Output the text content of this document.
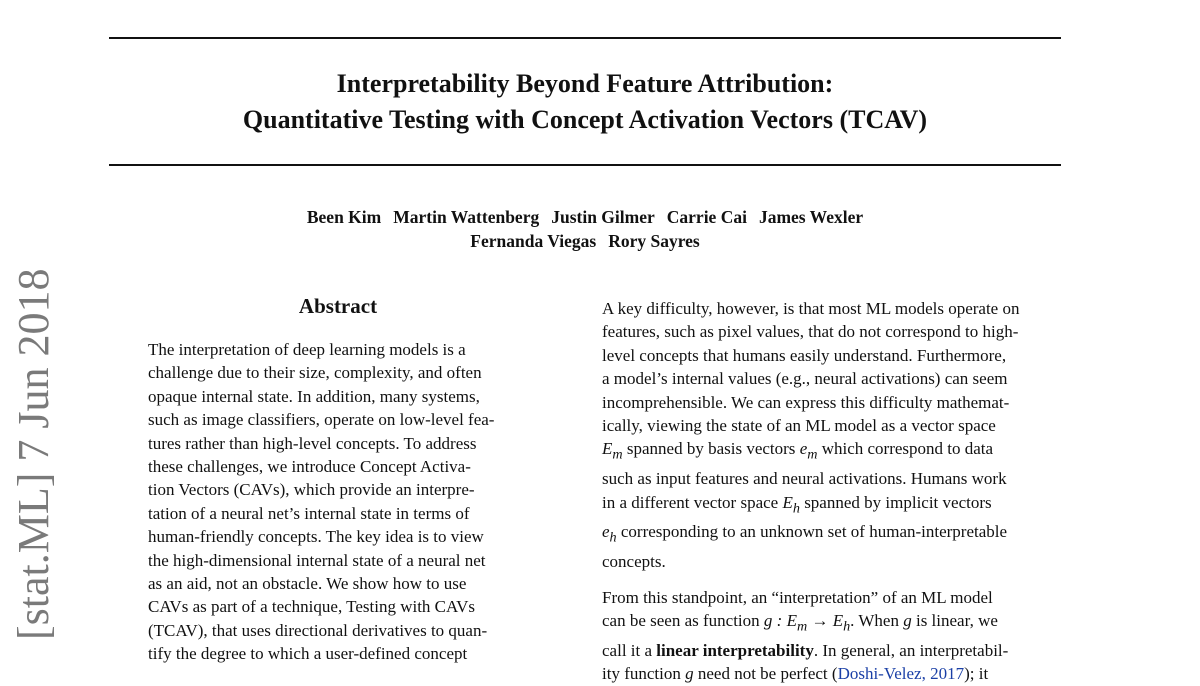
Interpretability Beyond Feature Attribution:
Quantitative Testing with Concept Activation Vectors (TCAV)
Been Kim Martin Wattenberg Justin Gilmer Carrie Cai James Wexler
Fernanda Viegas Rory Sayres
[stat.ML] 7 Jun 2018	Abstract
The interpretation of deep learning models is a
challenge due to their size, complexity, and often
opaque internal state. In addition, many systems,
such as image classifiers, operate on low-level fea-
tures rather than high-level concepts. To address
these challenges, we introduce Concept Activa-
tion Vectors (CAVs), which provide an interpre-
tation of a neural net’s internal state in terms of
human-friendly concepts. The key idea is to view
the high-dimensional internal state of a neural net
as an aid, not an obstacle. We show how to use
CAVs as part of a technique, Testing with CAVs
(TCAV), that uses directional derivatives to quan-
tify the degree to which a user-defined concept
A key difficulty, however, is that most ML models operate on
features, such as pixel values, that do not correspond to high-
level concepts that humans easily understand. Furthermore,
a model’s internal values (e.g., neural activations) can seem
incomprehensible. We can express this difficulty mathemat-
ically, viewing the state of an ML model as a vector space
$E_m$ spanned by basis vectors $e_m$ which correspond to data
such as input features and neural activations. Humans work
in a different vector space $E_h$ spanned by implicit vectors
$e_h$ corresponding to an unknown set of human-interpretable
concepts.
From this standpoint, an “interpretation” of an ML model
can be seen as function g : $E_m \to E_h$. When g is linear, we
call it a linear interpretability. In general, an interpretabil-
ity function g need not be perfect (Doshi-Velez, 2017); it
